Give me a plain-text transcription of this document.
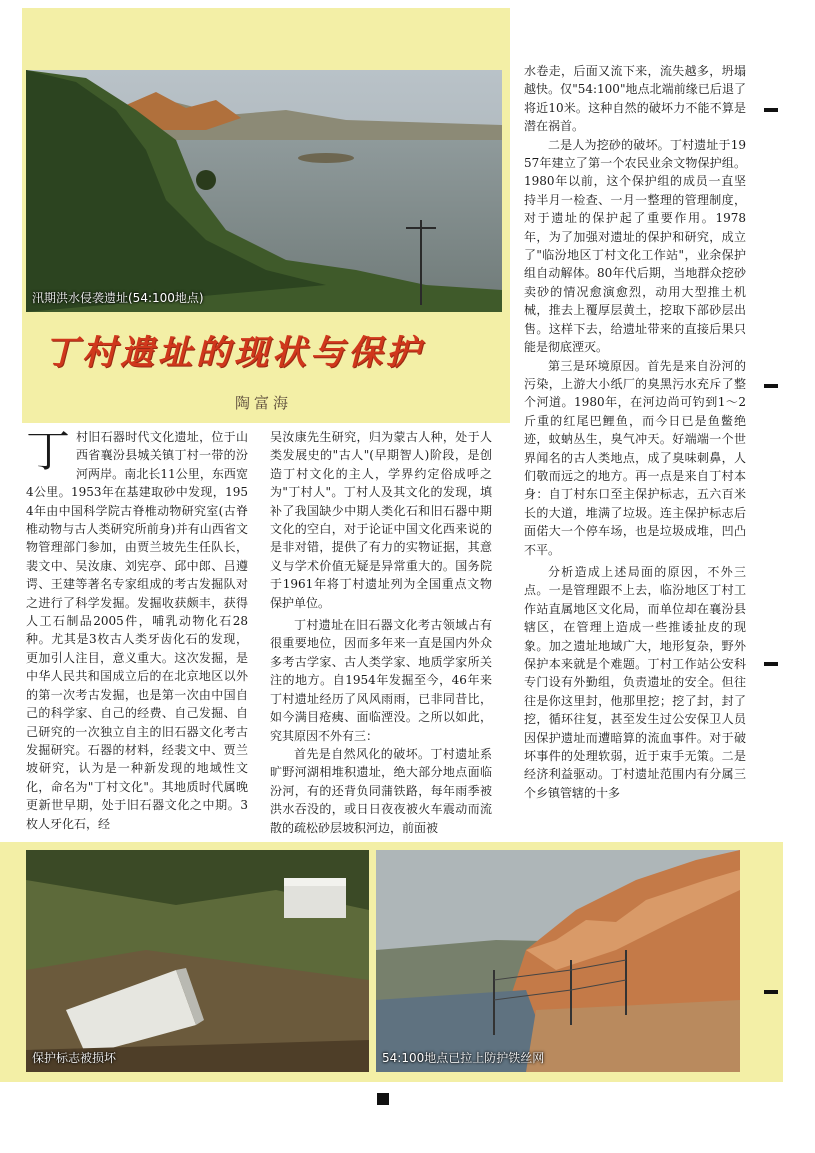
汛期洪水侵袭遗址(54:100地点)
丁村遗址的现状与保护
陶富海

丁村旧石器时代文化遗址，位于山西省襄汾县城关镇丁村一带的汾河两岸。南北长11公里，东西宽4公里。1953年在基建取砂中发现，1954年由中国科学院古脊椎动物研究室(古脊椎动物与古人类研究所前身)并有山西省文物管理部门参加，由贾兰坡先生任队长，裴文中、吴汝康、刘宪亭、邱中郎、吕遵谔、王建等著名专家组成的考古发掘队对之进行了科学发掘。发掘收获颇丰，获得人工石制品2005件，哺乳动物化石28种。尤其是3枚古人类牙齿化石的发现，更加引人注目，意义重大。这次发掘，是中华人民共和国成立后的在北京地区以外的第一次考古发掘，也是第一次由中国自己的科学家、自己的经费、自己发掘、自己研究的一次独立自主的旧石器文化考古发掘研究。石器的材料，经裴文中、贾兰坡研究，认为是一种新发现的地域性文化，命名为"丁村文化"。其地质时代属晚更新世早期，处于旧石器文化之中期。3枚人牙化石，经

吴汝康先生研究，归为蒙古人种，处于人类发展史的"古人"(早期智人)阶段，是创造丁村文化的主人，学界约定俗成呼之为"丁村人"。丁村人及其文化的发现，填补了我国缺少中期人类化石和旧石器中期文化的空白，对于论证中国文化西来说的是非对错，提供了有力的实物证据，其意义与学术价值无疑是异常重大的。国务院于1961年将丁村遗址列为全国重点文物保护单位。

丁村遗址在旧石器文化考古领域占有很重要地位，因而多年来一直是国内外众多考古学家、古人类学家、地质学家所关注的地方。自1954年发掘至今，46年来丁村遗址经历了风风雨雨，已非同昔比，如今满目疮痍、面临湮没。之所以如此，究其原因不外有三：

首先是自然风化的破坏。丁村遗址系旷野河湖相堆积遗址，绝大部分地点面临汾河，有的还背负同蒲铁路，每年雨季被洪水吞没的，或日日夜夜被火车震动而流散的疏松砂层坡积河边，前面被

水卷走，后面又流下来，流失越多，坍塌越快。仅"54:100"地点北端前缘已后退了将近10米。这种自然的破坏力不能不算是潜在祸首。

二是人为挖砂的破坏。丁村遗址于1957年建立了第一个农民业余文物保护组。1980年以前，这个保护组的成员一直坚持半月一检查、一月一整理的管理制度，对于遗址的保护起了重要作用。1978年，为了加强对遗址的保护和研究，成立了"临汾地区丁村文化工作站"，业余保护组自动解体。80年代后期，当地群众挖砂卖砂的情况愈演愈烈，动用大型推土机械，推去上覆厚层黄土，挖取下部砂层出售。这样下去，给遗址带来的直接后果只能是彻底湮灭。

第三是环境原因。首先是来自汾河的污染，上游大小纸厂的臭黑污水充斥了整个河道。1980年，在河边尚可钓到1～2斤重的红尾巴鲤鱼，而今日已是鱼鳖绝迹，蚊蚋丛生，臭气冲天。好端端一个世界闻名的古人类地点，成了臭味刺鼻，人们敬而远之的地方。再一点是来自丁村本身：自丁村东口至主保护标志，五六百米长的大道，堆满了垃圾。连主保护标志后面偌大一个停车场，也是垃圾成堆，凹凸不平。

分析造成上述局面的原因，不外三点。一是管理跟不上去，临汾地区丁村工作站直属地区文化局，而单位却在襄汾县辖区，在管理上造成一些推诿扯皮的现象。加之遗址地域广大，地形复杂，野外保护本来就是个难题。丁村工作站公安科专门设有外勤组，负责遗址的安全。但往往是你这里封，他那里挖；挖了封，封了挖，循环往复，甚至发生过公安保卫人员因保护遗址而遭暗算的流血事件。对于破坏事件的处理软弱，近于束手无策。二是经济利益驱动。丁村遗址范围内有分属三个乡镇管辖的十多

保护标志被损坏	54:100地点已拉上防护铁丝网
